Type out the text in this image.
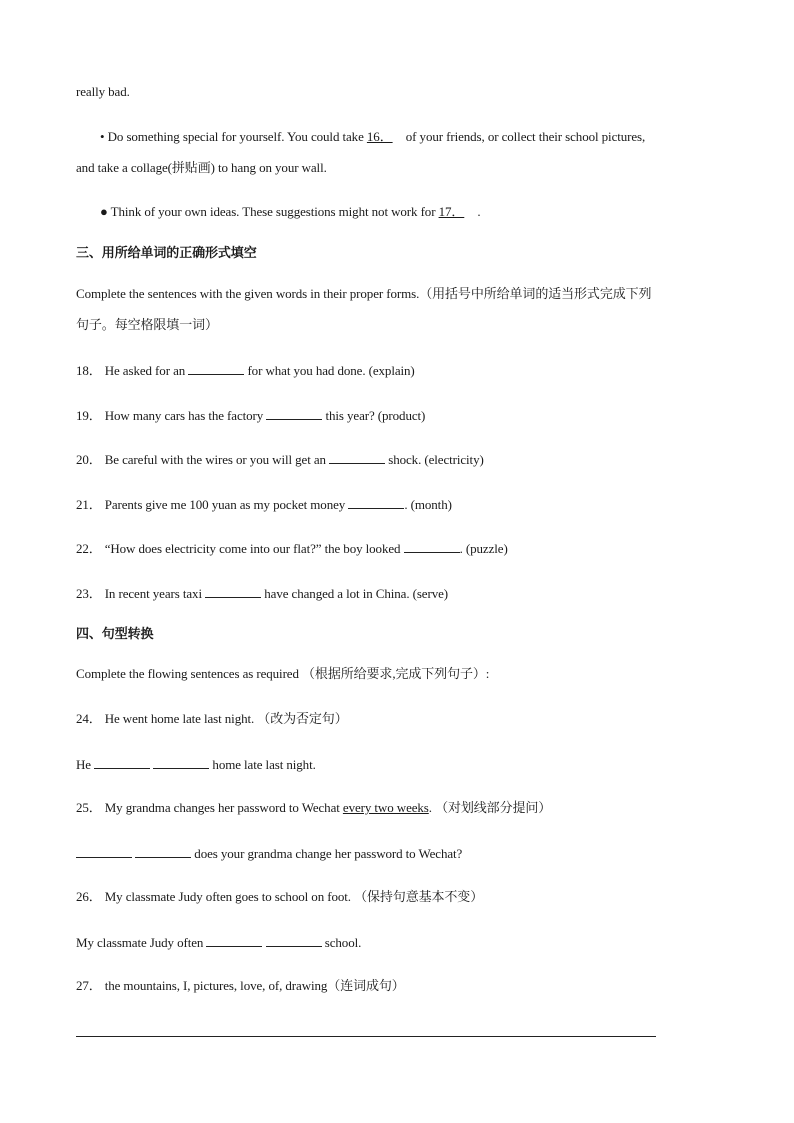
really bad.
• Do something special for yourself. You could take 16． of your friends, or collect their school pictures,
and take a collage(拼贴画) to hang on your wall.
● Think of your own ideas. These suggestions might not work for 17． .
三、用所给单词的正确形式填空
Complete the sentences with the given words in their proper forms.（用括号中所给单词的适当形式完成下列
句子。每空格限填一词）
18． He asked for an	for what you had done. (explain)
19． How many cars has the factory	this year? (product)
20． Be careful with the wires or you will get an	shock. (electricity)
21． Parents give me 100 yuan as my pocket money	. (month)
22． “How does electricity come into our flat?” the boy looked	. (puzzle)
23． In recent years taxi	have changed a lot in China. (serve)
四、句型转换
Complete the flowing sentences as required （根据所给要求,完成下列句子）:
24． He went home late last night. （改为否定句）
He	home late last night.
25． My grandma changes her password to Wechat every two weeks. （对划线部分提问）
does your grandma change her password to Wechat?
26． My classmate Judy often goes to school on foot. （保持句意基本不变）
My classmate Judy often	school.
27． the mountains, I, pictures, love, of, drawing（连词成句）
